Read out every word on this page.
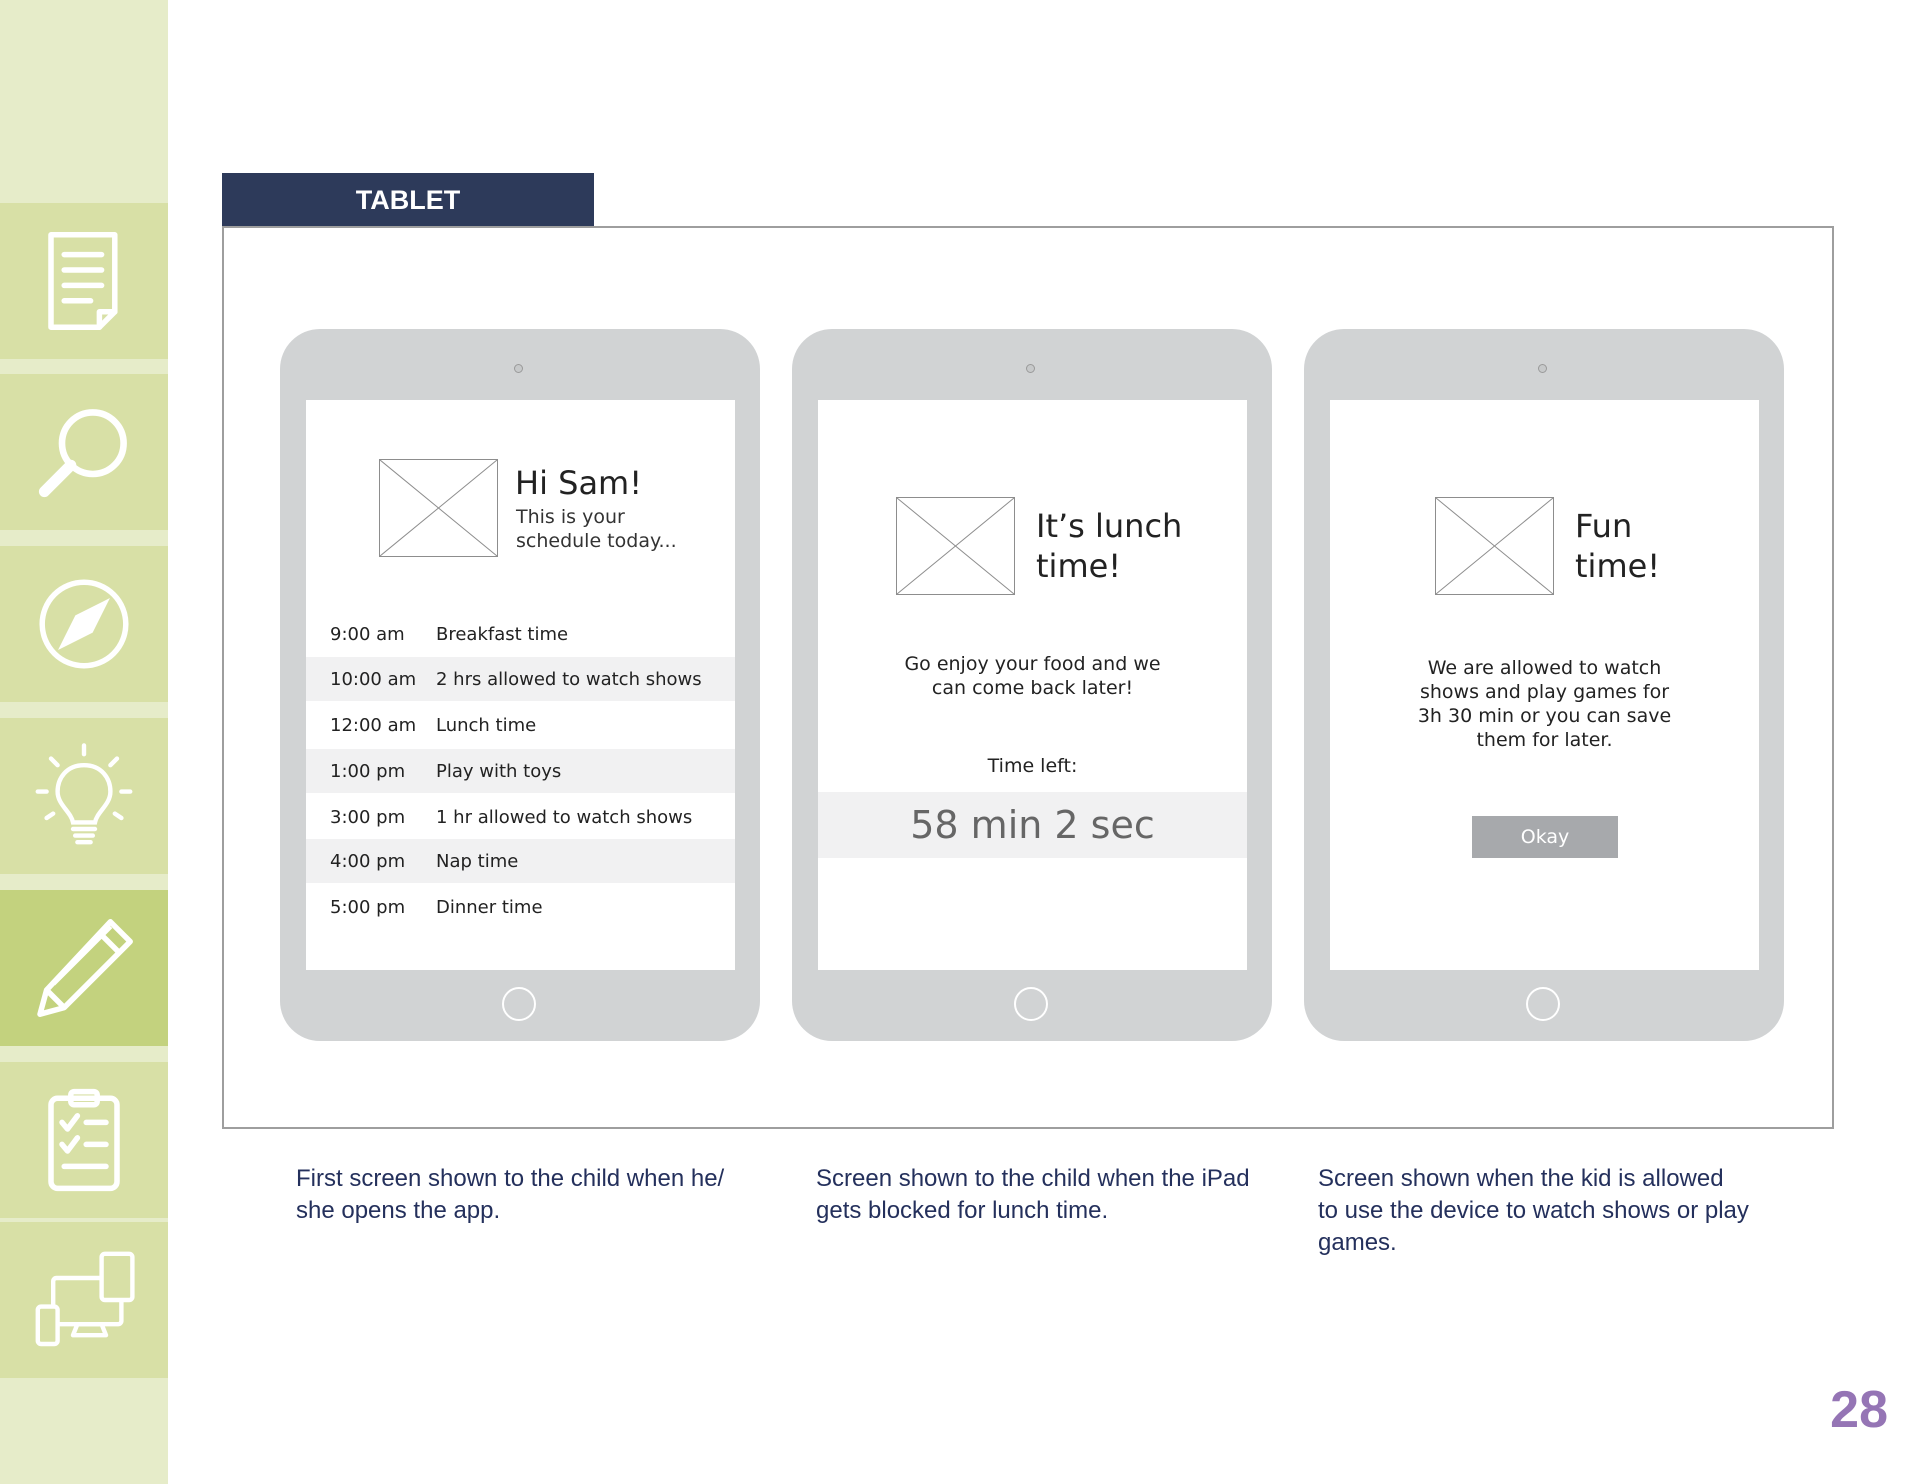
TABLET
Hi Sam!
This is your schedule today...
9:00 am Breakfast time
10:00 am 2 hrs allowed to watch shows
12:00 am Lunch time
1:00 pm Play with toys
3:00 pm 1 hr allowed to watch shows
4:00 pm Nap time
5:00 pm Dinner time
It’s lunch
time!
Go enjoy your food and we
can come back later!
Time left:
58 min 2 sec
Fun
time!
We are allowed to watch
shows and play games for
3h 30 min or you can save
them for later.
Okay
First screen shown to the child when he/
she opens the app.
Screen shown to the child when the iPad
gets blocked for lunch time.
Screen shown when the kid is allowed
to use the device to watch shows or play
games.
28
